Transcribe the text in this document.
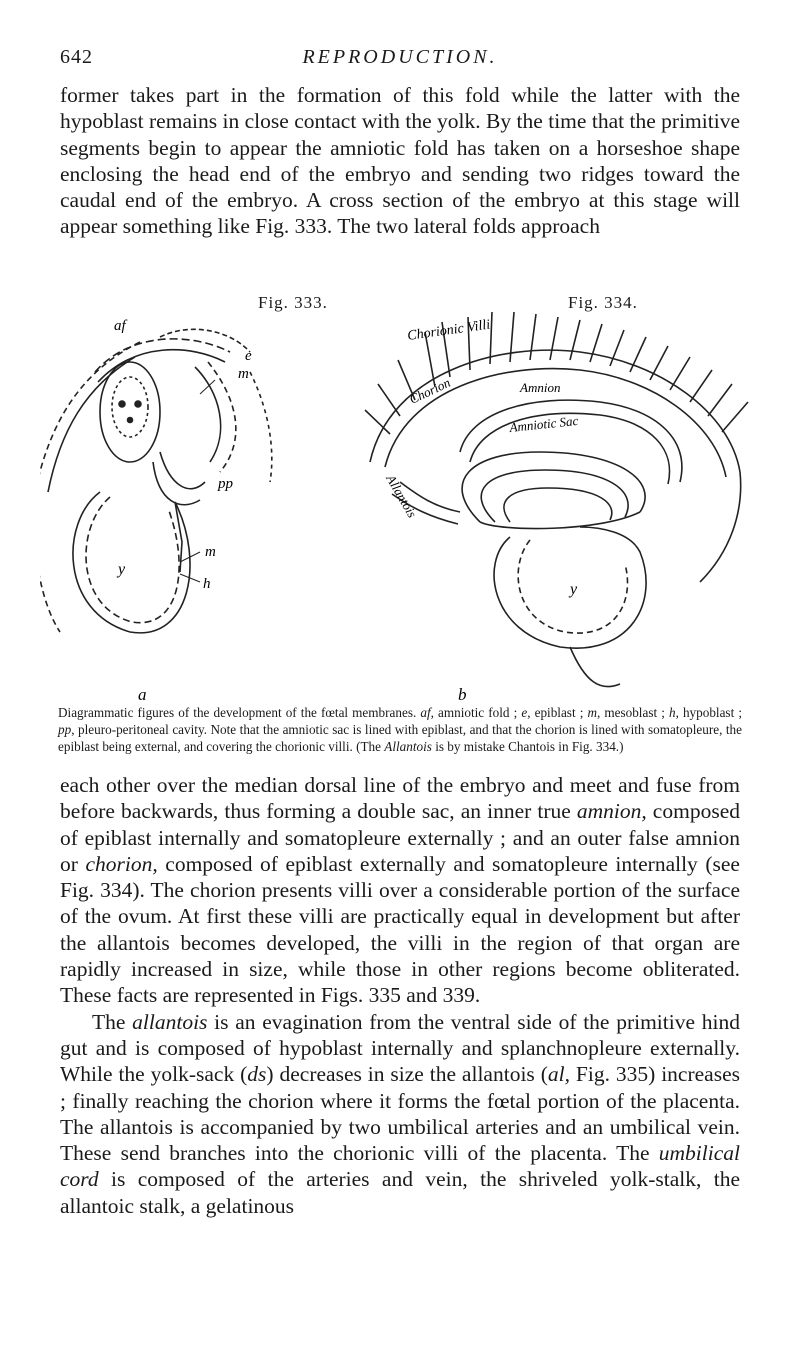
642	REPRODUCTION.
former takes part in the formation of this fold while the latter with the hypoblast remains in close contact with the yolk. By the time that the primitive segments begin to appear the amniotic fold has taken on a horseshoe shape enclosing the head end of the embryo and sending two ridges toward the caudal end of the embryo. A cross section of the embryo at this stage will appear something like Fig. 333. The two lateral folds approach
Fig. 333.	Fig. 334.
af
e
m
pp
m
h
y
a
Chorionic Villi
Chorion	Amnion
Amniotic Sac
Allantois
y
b
Diagrammatic figures of the development of the fœtal membranes. af, amniotic fold ; e, epiblast ; m, mesoblast ; h, hypoblast ; pp, pleuro-peritoneal cavity. Note that the amniotic sac is lined with epiblast, and that the chorion is lined with somatopleure, the epiblast being external, and covering the chorionic villi. (The Allantois is by mistake Chantois in Fig. 334.)

each other over the median dorsal line of the embryo and meet and fuse from before backwards, thus forming a double sac, an inner true amnion, composed of epiblast internally and somatopleure externally ; and an outer false amnion or chorion, composed of epiblast externally and somatopleure internally (see Fig. 334). The chorion presents villi over a considerable portion of the surface of the ovum. At first these villi are practically equal in development but after the allantois becomes developed, the villi in the region of that organ are rapidly increased in size, while those in other regions become obliterated. These facts are represented in Figs. 335 and 339.

The allantois is an evagination from the ventral side of the primitive hind gut and is composed of hypoblast internally and splanchnopleure externally. While the yolk-sack (ds) decreases in size the allantois (al, Fig. 335) increases ; finally reaching the chorion where it forms the fœtal portion of the placenta. The allantois is accompanied by two umbilical arteries and an umbilical vein. These send branches into the chorionic villi of the placenta. The umbilical cord is composed of the arteries and vein, the shriveled yolk-stalk, the allantoic stalk, a gelatinous
